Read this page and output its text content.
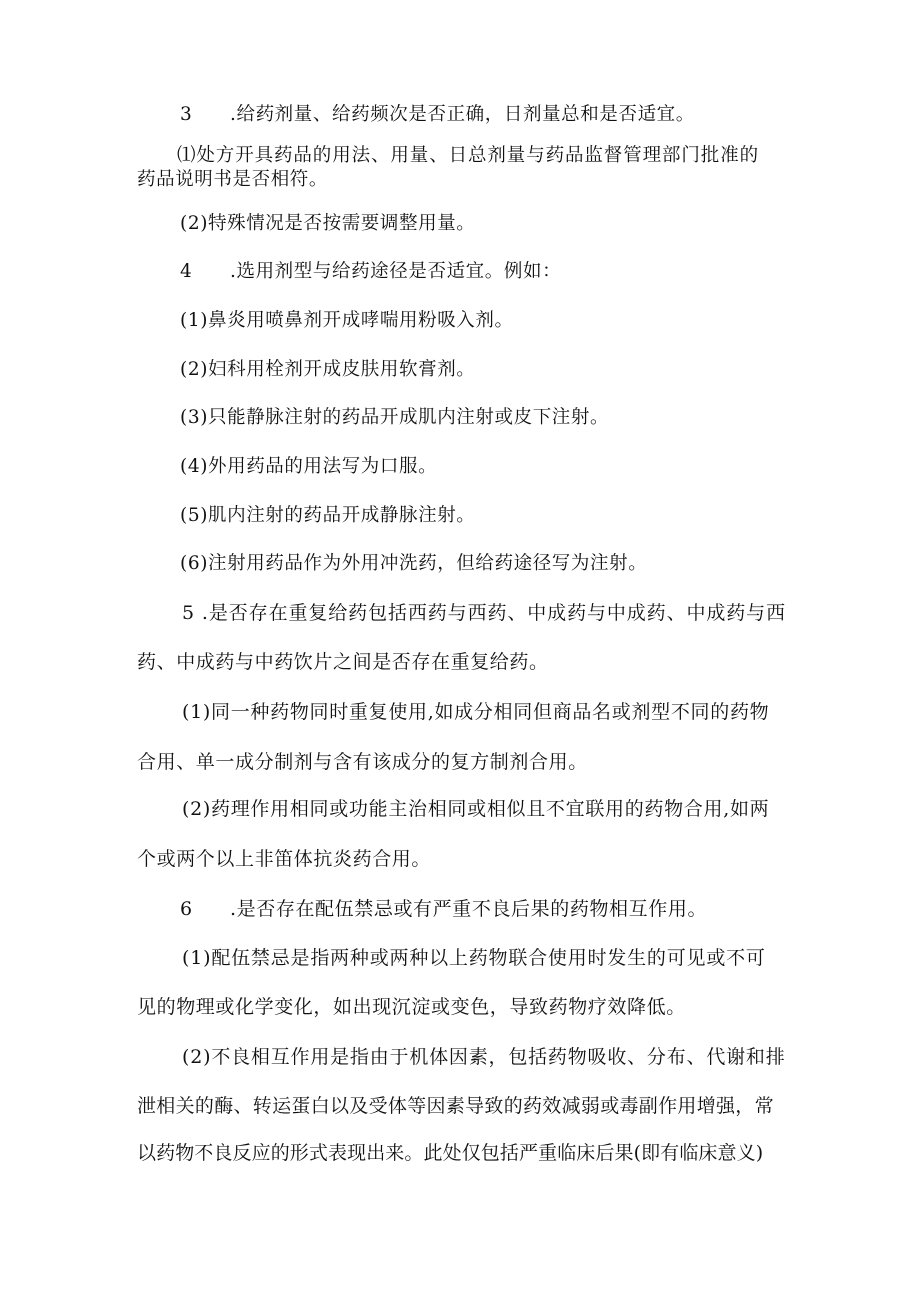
3 .给药剂量、给药频次是否正确，日剂量总和是否适宜。
⑴处方开具药品的用法、用量、日总剂量与药品监督管理部门批准的
药品说明书是否相符。
(2)特殊情况是否按需要调整用量。
4 .选用剂型与给药途径是否适宜。例如：
(1)鼻炎用喷鼻剂开成哮喘用粉吸入剂。
(2)妇科用栓剂开成皮肤用软膏剂。
(3)只能静脉注射的药品开成肌内注射或皮下注射。
(4)外用药品的用法写为口服。
(5)肌内注射的药品开成静脉注射。
(6)注射用药品作为外用冲洗药，但给药途径写为注射。
5 .是否存在重复给药包括西药与西药、中成药与中成药、中成药与西
药、中成药与中药饮片之间是否存在重复给药。
(1)同一种药物同时重复使用,如成分相同但商品名或剂型不同的药物
合用、单一成分制剂与含有该成分的复方制剂合用。
(2)药理作用相同或功能主治相同或相似且不宜联用的药物合用,如两
个或两个以上非笛体抗炎药合用。
6 .是否存在配伍禁忌或有严重不良后果的药物相互作用。
(1)配伍禁忌是指两种或两种以上药物联合使用时发生的可见或不可
见的物理或化学变化，如出现沉淀或变色，导致药物疗效降低。
(2)不良相互作用是指由于机体因素，包括药物吸收、分布、代谢和排
泄相关的酶、转运蛋白以及受体等因素导致的药效减弱或毒副作用增强，常
以药物不良反应的形式表现出来。此处仅包括严重临床后果(即有临床意义)
